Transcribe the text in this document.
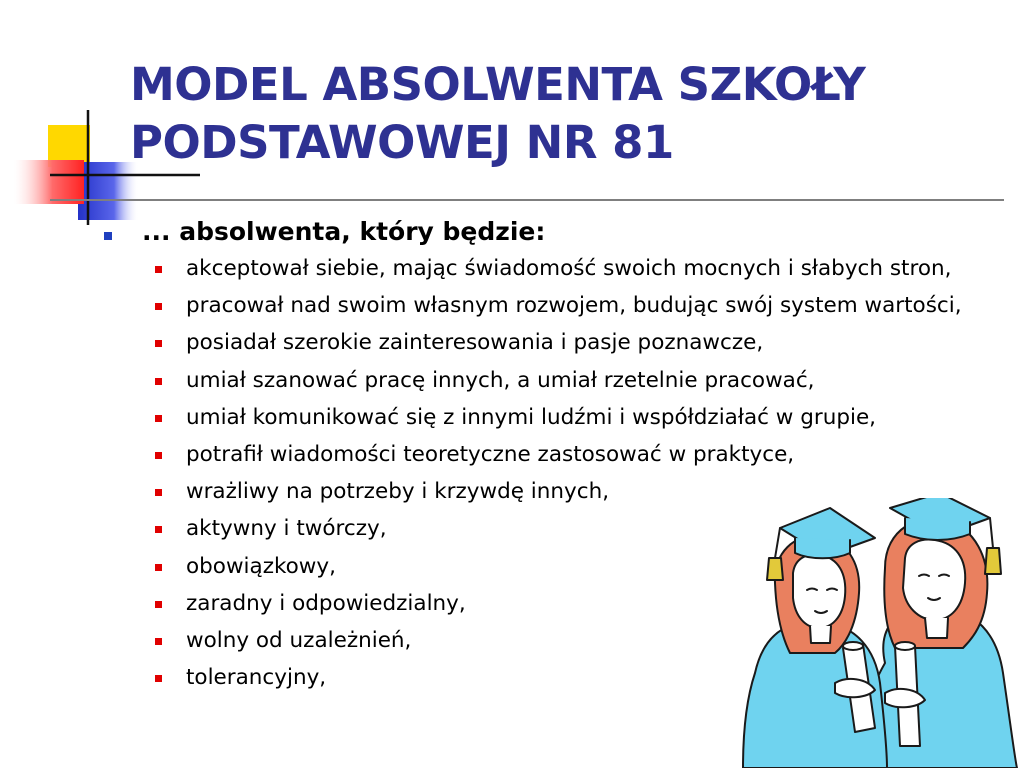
MODEL ABSOLWENTA SZKOŁY
PODSTAWOWEJ NR 81
... absolwenta, który będzie:
akceptował siebie, mając świadomość swoich mocnych i słabych stron,
pracował nad swoim własnym rozwojem, budując swój system wartości,
posiadał szerokie zainteresowania i pasje poznawcze,
umiał szanować pracę innych, a umiał rzetelnie pracować,
umiał komunikować się z innymi ludźmi i współdziałać w grupie,
potrafił wiadomości teoretyczne zastosować w praktyce,
wrażliwy na potrzeby i krzywdę innych,
aktywny i twórczy,
obowiązkowy,
zaradny i odpowiedzialny,
wolny od uzależnień,
tolerancyjny,
